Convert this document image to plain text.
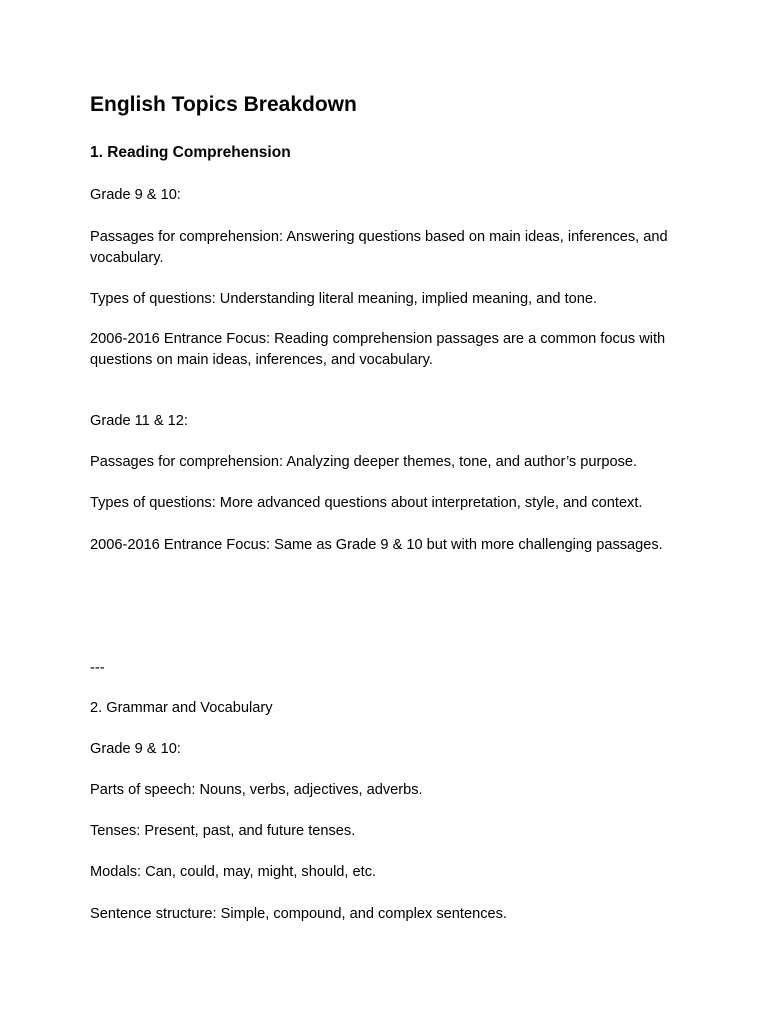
English Topics Breakdown
1. Reading Comprehension
Grade 9 & 10:
Passages for comprehension: Answering questions based on main ideas, inferences, and vocabulary.
Types of questions: Understanding literal meaning, implied meaning, and tone.
2006-2016 Entrance Focus: Reading comprehension passages are a common focus with questions on main ideas, inferences, and vocabulary.
Grade 11 & 12:
Passages for comprehension: Analyzing deeper themes, tone, and author’s purpose.
Types of questions: More advanced questions about interpretation, style, and context.
2006-2016 Entrance Focus: Same as Grade 9 & 10 but with more challenging passages.
---
2. Grammar and Vocabulary
Grade 9 & 10:
Parts of speech: Nouns, verbs, adjectives, adverbs.
Tenses: Present, past, and future tenses.
Modals: Can, could, may, might, should, etc.
Sentence structure: Simple, compound, and complex sentences.
